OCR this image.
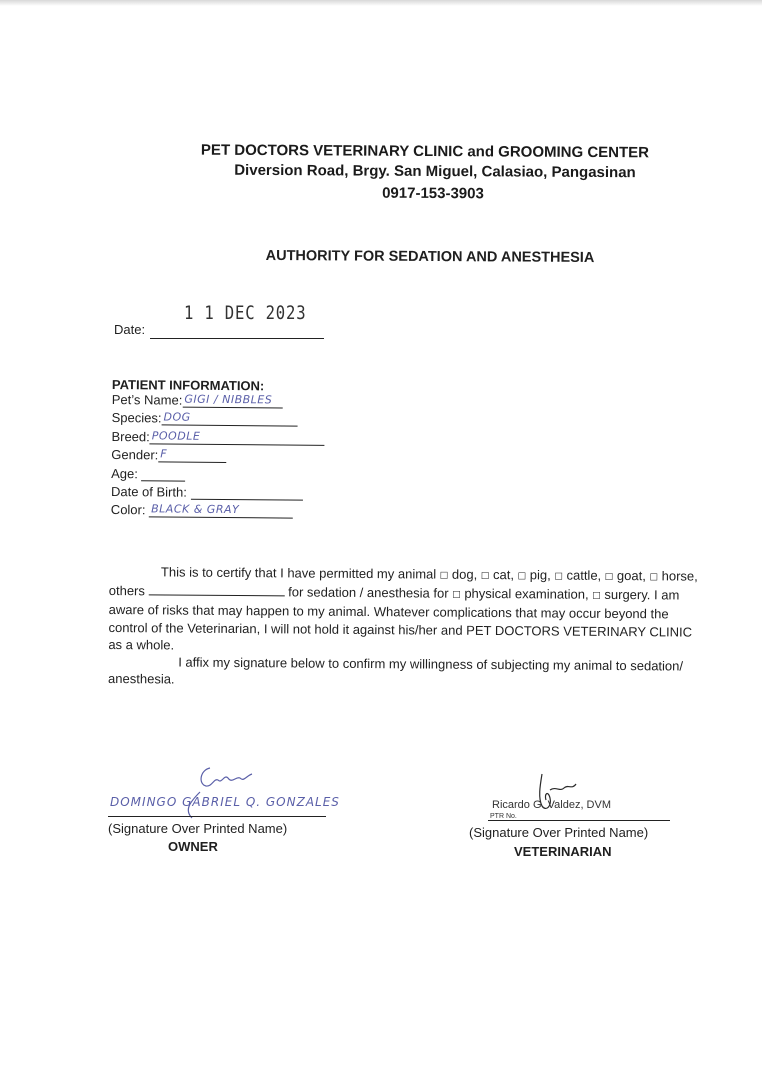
PET DOCTORS VETERINARY CLINIC and GROOMING CENTER
Diversion Road, Brgy. San Miguel, Calasiao, Pangasinan
0917-153-3903
AUTHORITY FOR SEDATION AND ANESTHESIA
1 1 DEC 2023
Date:
PATIENT INFORMATION:
Pet’s Name: GIGI / NIBBLES
Species: DOG
Breed: POODLE
Gender: F
Age:
Date of Birth:
Color: BLACK & GRAY

This is to certify that I have permitted my animal □ dog, □ cat, □ pig, □ cattle, □ goat, □ horse, others	for sedation / anesthesia for □ physical examination, □ surgery. I am aware of risks that may happen to my animal. Whatever complications that may occur beyond the control of the Veterinarian, I will not hold it against his/her and PET DOCTORS VETERINARY CLINIC as a whole.

I affix my signature below to confirm my willingness of subjecting my animal to sedation/ anesthesia.

DOMINGO GABRIEL Q. GONZALES
(Signature Over Printed Name)
OWNER
Ricardo G. Valdez, DVM
PTR No.
(Signature Over Printed Name)
VETERINARIAN
